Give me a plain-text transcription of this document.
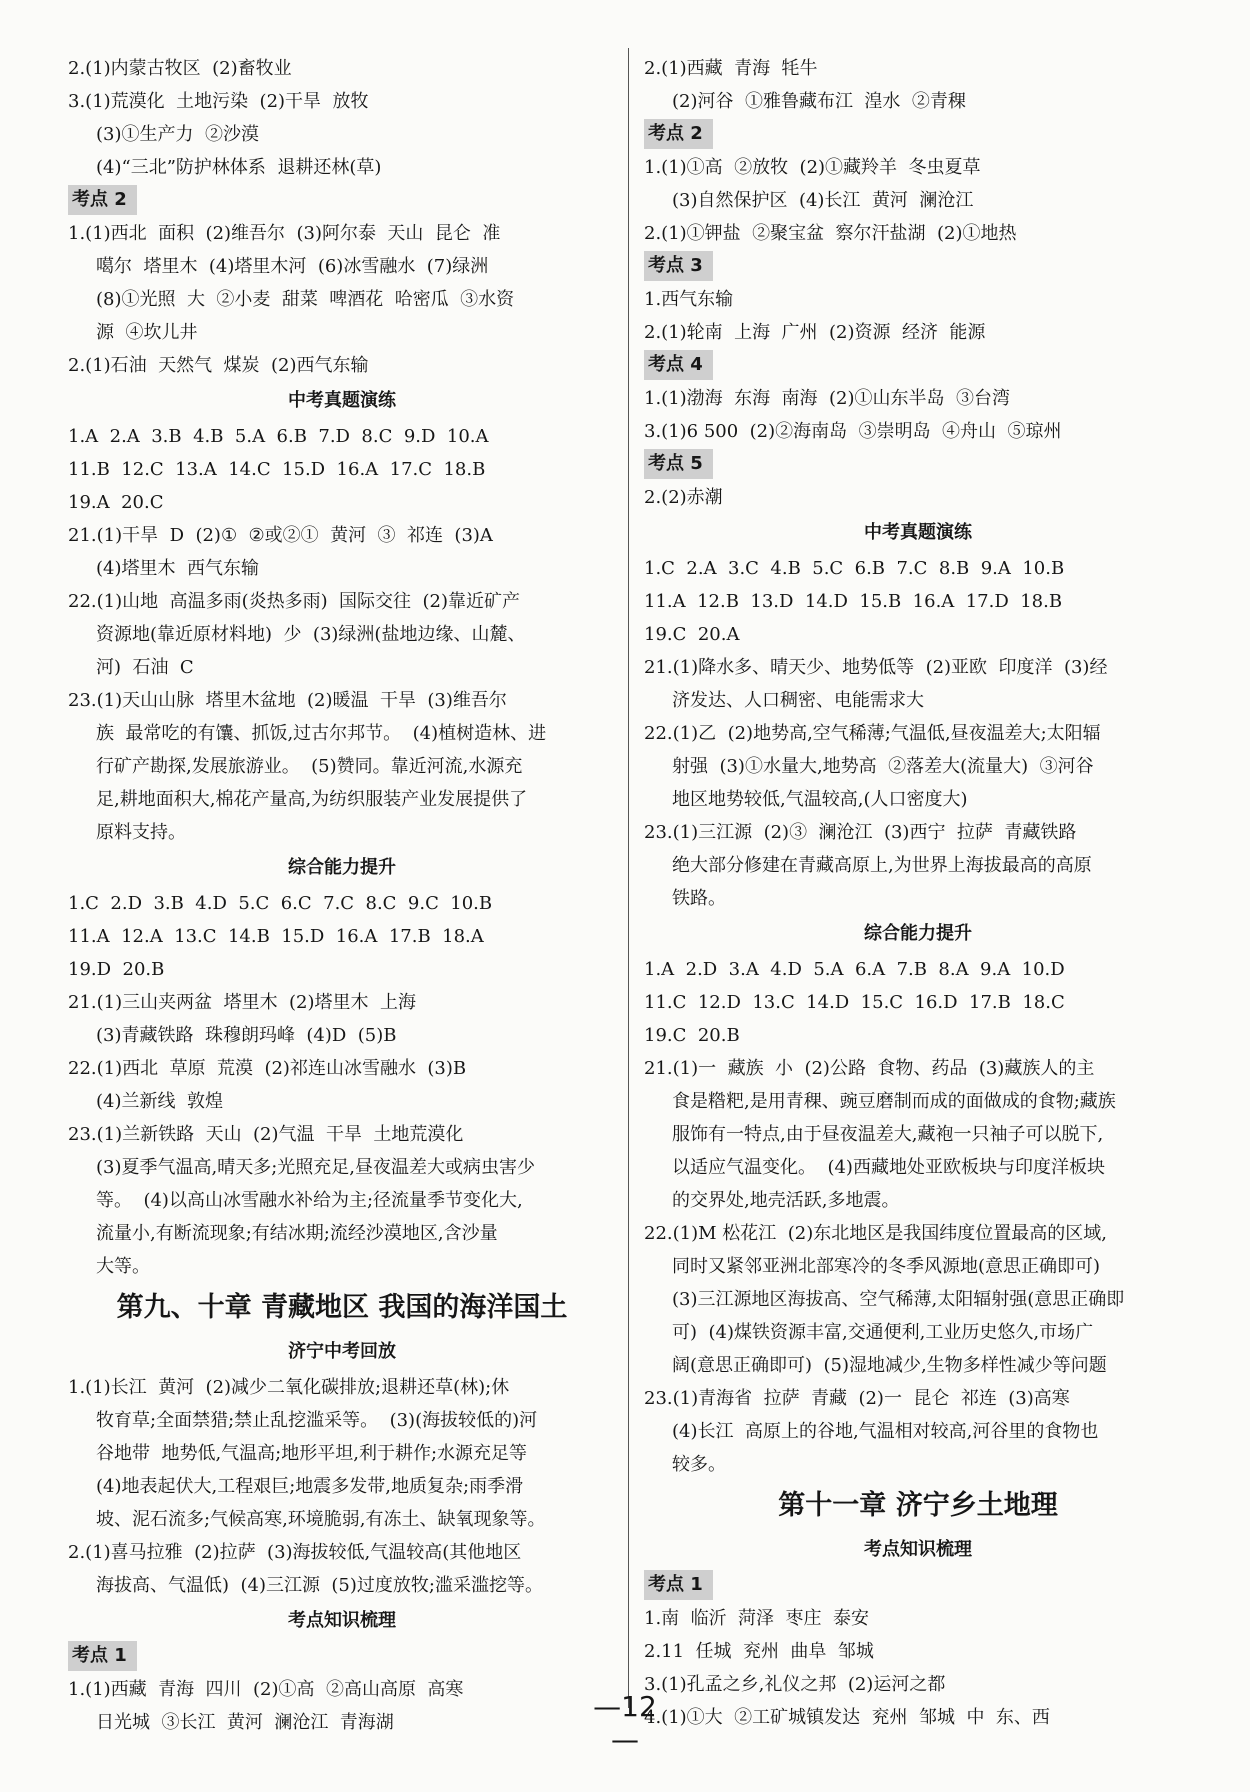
2.(1)内蒙古牧区  (2)畜牧业
3.(1)荒漠化  土地污染  (2)干旱  放牧
(3)①生产力  ②沙漠
(4)“三北”防护林体系  退耕还林(草)
考点 2
1.(1)西北  面积  (2)维吾尔  (3)阿尔泰  天山  昆仑  准
噶尔  塔里木  (4)塔里木河  (6)冰雪融水  (7)绿洲
(8)①光照  大  ②小麦  甜菜  啤酒花  哈密瓜  ③水资
源  ④坎儿井
2.(1)石油  天然气  煤炭  (2)西气东输
中考真题演练
1.A  2.A  3.B  4.B  5.A  6.B  7.D  8.C  9.D  10.A
11.B  12.C  13.A  14.C  15.D  16.A  17.C  18.B
19.A  20.C
21.(1)干旱  D  (2)①  ②或②①  黄河  ③  祁连  (3)A
(4)塔里木  西气东输
22.(1)山地  高温多雨(炎热多雨)  国际交往  (2)靠近矿产
资源地(靠近原材料地)  少  (3)绿洲(盐地边缘、山麓、
河)  石油  C
23.(1)天山山脉  塔里木盆地  (2)暖温  干旱  (3)维吾尔
族  最常吃的有馕、抓饭,过古尔邦节。  (4)植树造林、进
行矿产勘探,发展旅游业。  (5)赞同。靠近河流,水源充
足,耕地面积大,棉花产量高,为纺织服装产业发展提供了
原料支持。
综合能力提升
1.C  2.D  3.B  4.D  5.C  6.C  7.C  8.C  9.C  10.B
11.A  12.A  13.C  14.B  15.D  16.A  17.B  18.A
19.D  20.B
21.(1)三山夹两盆  塔里木  (2)塔里木  上海
(3)青藏铁路  珠穆朗玛峰  (4)D  (5)B
22.(1)西北  草原  荒漠  (2)祁连山冰雪融水  (3)B
(4)兰新线  敦煌
23.(1)兰新铁路  天山  (2)气温  干旱  土地荒漠化
(3)夏季气温高,晴天多;光照充足,昼夜温差大或病虫害少
等。  (4)以高山冰雪融水补给为主;径流量季节变化大,
流量小,有断流现象;有结冰期;流经沙漠地区,含沙量
大等。
第九、十章 青藏地区 我国的海洋国土
济宁中考回放
1.(1)长江  黄河  (2)减少二氧化碳排放;退耕还草(林);休
牧育草;全面禁猎;禁止乱挖滥采等。  (3)(海拔较低的)河
谷地带  地势低,气温高;地形平坦,利于耕作;水源充足等
(4)地表起伏大,工程艰巨;地震多发带,地质复杂;雨季滑
坡、泥石流多;气候高寒,环境脆弱,有冻土、缺氧现象等。
2.(1)喜马拉雅  (2)拉萨  (3)海拔较低,气温较高(其他地区
海拔高、气温低)  (4)三江源  (5)过度放牧;滥采滥挖等。
考点知识梳理
考点 1
1.(1)西藏  青海  四川  (2)①高  ②高山高原  高寒
日光城  ③长江  黄河  澜沧江  青海湖
2.(1)西藏  青海  牦牛
(2)河谷  ①雅鲁藏布江  湟水  ②青稞
考点 2
1.(1)①高  ②放牧  (2)①藏羚羊  冬虫夏草
(3)自然保护区  (4)长江  黄河  澜沧江
2.(1)①钾盐  ②聚宝盆  察尔汗盐湖  (2)①地热
考点 3
1.西气东输
2.(1)轮南  上海  广州  (2)资源  经济  能源
考点 4
1.(1)渤海  东海  南海  (2)①山东半岛  ③台湾
3.(1)6 500  (2)②海南岛  ③崇明岛  ④舟山  ⑤琼州
考点 5
2.(2)赤潮
中考真题演练
1.C  2.A  3.C  4.B  5.C  6.B  7.C  8.B  9.A  10.B
11.A  12.B  13.D  14.D  15.B  16.A  17.D  18.B
19.C  20.A
21.(1)降水多、晴天少、地势低等  (2)亚欧  印度洋  (3)经
济发达、人口稠密、电能需求大
22.(1)乙  (2)地势高,空气稀薄;气温低,昼夜温差大;太阳辐
射强  (3)①水量大,地势高  ②落差大(流量大)  ③河谷
地区地势较低,气温较高,(人口密度大)
23.(1)三江源  (2)③  澜沧江  (3)西宁  拉萨  青藏铁路
绝大部分修建在青藏高原上,为世界上海拔最高的高原
铁路。
综合能力提升
1.A  2.D  3.A  4.D  5.A  6.A  7.B  8.A  9.A  10.D
11.C  12.D  13.C  14.D  15.C  16.D  17.B  18.C
19.C  20.B
21.(1)一  藏族  小  (2)公路  食物、药品  (3)藏族人的主
食是糌粑,是用青稞、豌豆磨制而成的面做成的食物;藏族
服饰有一特点,由于昼夜温差大,藏袍一只袖子可以脱下,
以适应气温变化。  (4)西藏地处亚欧板块与印度洋板块
的交界处,地壳活跃,多地震。
22.(1)M 松花江  (2)东北地区是我国纬度位置最高的区域,
同时又紧邻亚洲北部寒冷的冬季风源地(意思正确即可)
(3)三江源地区海拔高、空气稀薄,太阳辐射强(意思正确即
可)  (4)煤铁资源丰富,交通便利,工业历史悠久,市场广
阔(意思正确即可)  (5)湿地减少,生物多样性减少等问题
23.(1)青海省  拉萨  青藏  (2)一  昆仑  祁连  (3)高寒
(4)长江  高原上的谷地,气温相对较高,河谷里的食物也
较多。
第十一章 济宁乡土地理
考点知识梳理
考点 1
1.南  临沂  菏泽  枣庄  泰安
2.11  任城  兖州  曲阜  邹城
3.(1)孔孟之乡,礼仪之邦  (2)运河之都
4.(1)①大  ②工矿城镇发达  兖州  邹城  中  东、西
—12 —
